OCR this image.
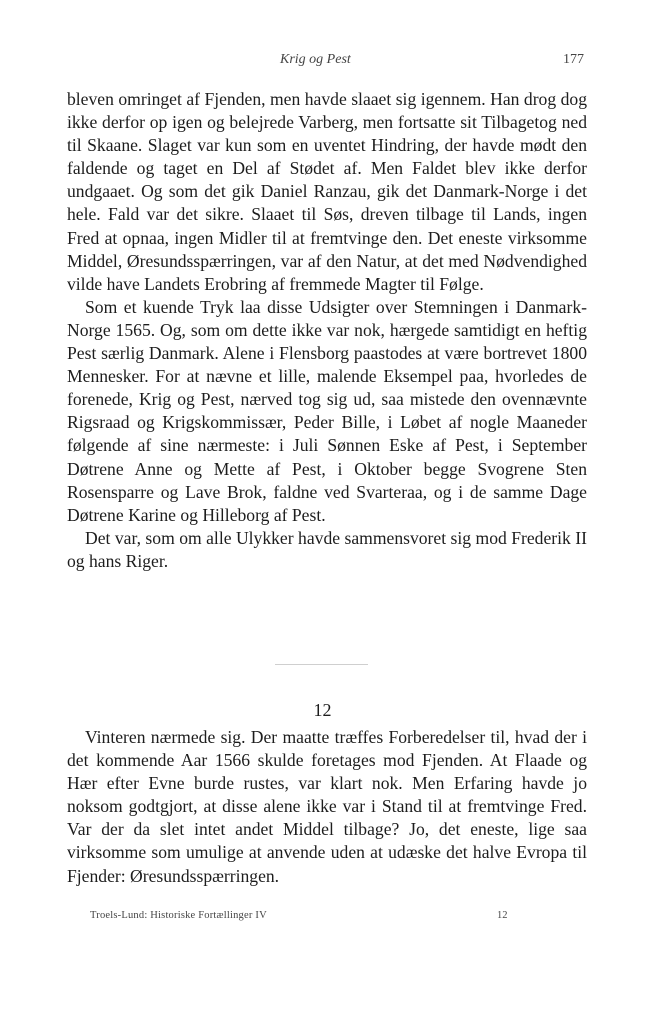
Krig og Pest	177

bleven omringet af Fjenden, men havde slaaet sig igennem. Han drog dog ikke derfor op igen og belejrede Varberg, men fortsatte sit Tilbagetog ned til Skaane. Slaget var kun som en uventet Hindring, der havde mødt den faldende og taget en Del af Stødet af. Men Faldet blev ikke derfor undgaaet. Og som det gik Daniel Ranzau, gik det Danmark-Norge i det hele. Fald var det sikre. Slaaet til Søs, dreven tilbage til Lands, ingen Fred at opnaa, ingen Midler til at fremtvinge den. Det eneste virksomme Middel, Øresundsspærringen, var af den Natur, at det med Nødvendighed vilde have Landets Erobring af fremmede Magter til Følge.

Som et kuende Tryk laa disse Udsigter over Stemningen i Danmark-Norge 1565. Og, som om dette ikke var nok, hærgede samtidigt en heftig Pest særlig Danmark. Alene i Flensborg paastodes at være bortrevet 1800 Mennesker. For at nævne et lille, malende Eksempel paa, hvorledes de forenede, Krig og Pest, nærved tog sig ud, saa mistede den ovennævnte Rigsraad og Krigskommissær, Peder Bille, i Løbet af nogle Maaneder følgende af sine nærmeste: i Juli Sønnen Eske af Pest, i September Døtrene Anne og Mette af Pest, i Oktober begge Svogrene Sten Rosensparre og Lave Brok, faldne ved Svarteraa, og i de samme Dage Døtrene Karine og Hilleborg af Pest.

Det var, som om alle Ulykker havde sammensvoret sig mod Frederik II og hans Riger.

12

Vinteren nærmede sig. Der maatte træffes Forberedelser til, hvad der i det kommende Aar 1566 skulde foretages mod Fjenden. At Flaade og Hær efter Evne burde rustes, var klart nok. Men Erfaring havde jo noksom godtgjort, at disse alene ikke var i Stand til at fremtvinge Fred. Var der da slet intet andet Middel tilbage? Jo, det eneste, lige saa virksomme som umulige at anvende uden at udæske det halve Evropa til Fjender: Øresundsspærringen.

Troels-Lund: Historiske Fortællinger IV	12
